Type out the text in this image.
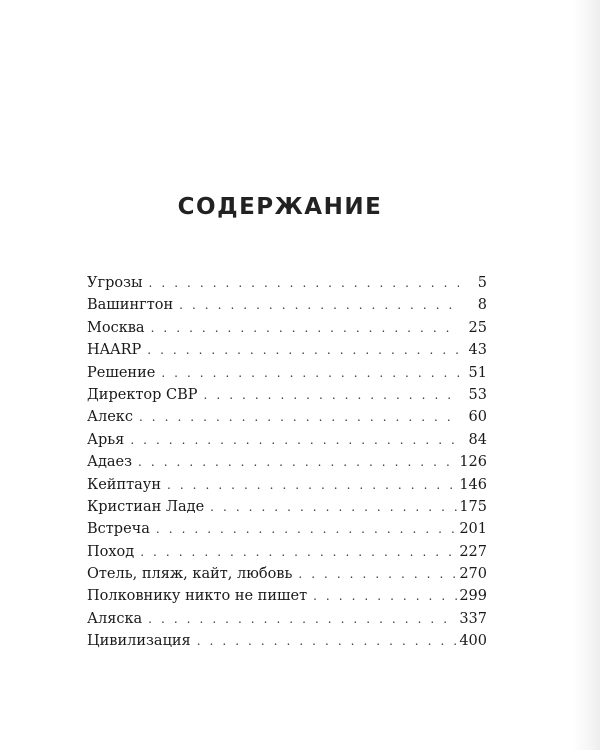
СОДЕРЖАНИЕ
Угрозы . . .	5
Вашингтон . . .	8
Москва . . .	25
HAARP . . .	43
Решение . . .	51
Директор СВР . . .	53
Алекс . . .	60
Арья . . .	84
Адаез . . .	126
Кейптаун . . .	146
Кристиан Ладе . . .	175
Встреча . . .	201
Поход . . .	227
Отель, пляж, кайт, любовь . . .	270
Полковнику никто не пишет . . .	299
Аляска . . .	337
Цивилизация . . .	400
